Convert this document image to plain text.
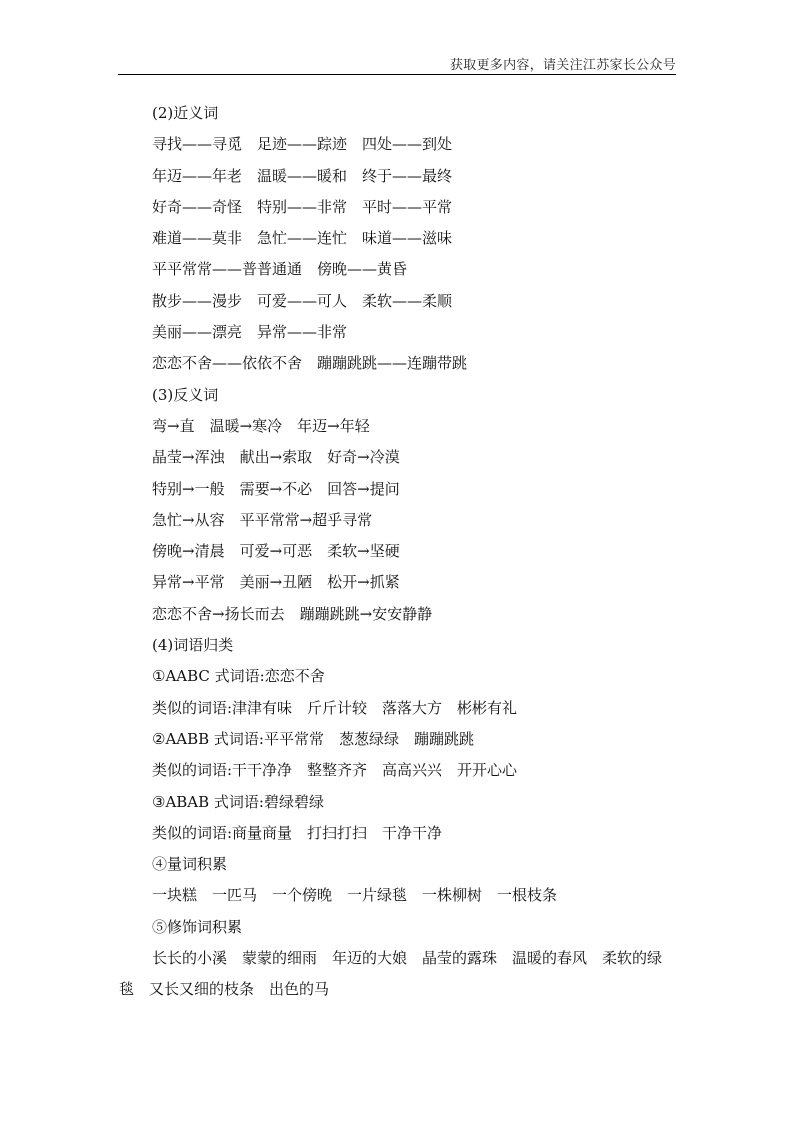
获取更多内容，请关注江苏家长公众号
(2)近义词
寻找——寻觅　足迹——踪迹　四处——到处
年迈——年老　温暖——暖和　终于——最终
好奇——奇怪　特别——非常　平时——平常
难道——莫非　急忙——连忙　味道——滋味
平平常常——普普通通　傍晚——黄昏
散步——漫步　可爱——可人　柔软——柔顺
美丽——漂亮　异常——非常
恋恋不舍——依依不舍　蹦蹦跳跳——连蹦带跳
(3)反义词
弯→直　温暖→寒冷　年迈→年轻
晶莹→浑浊　献出→索取　好奇→冷漠
特别→一般　需要→不必　回答→提问
急忙→从容　平平常常→超乎寻常
傍晚→清晨　可爱→可恶　柔软→坚硬
异常→平常　美丽→丑陋　松开→抓紧
恋恋不舍→扬长而去　蹦蹦跳跳→安安静静
(4)词语归类
①AABC 式词语:恋恋不舍
类似的词语:津津有味　斤斤计较　落落大方　彬彬有礼
②AABB 式词语:平平常常　葱葱绿绿　蹦蹦跳跳
类似的词语:干干净净　整整齐齐　高高兴兴　开开心心
③ABAB 式词语:碧绿碧绿
类似的词语:商量商量　打扫打扫　干净干净
④量词积累
一块糕　一匹马　一个傍晚　一片绿毯　一株柳树　一根枝条
⑤修饰词积累
长长的小溪　蒙蒙的细雨　年迈的大娘　晶莹的露珠　温暖的春风　柔软的绿毯　又长又细的枝条　出色的马
